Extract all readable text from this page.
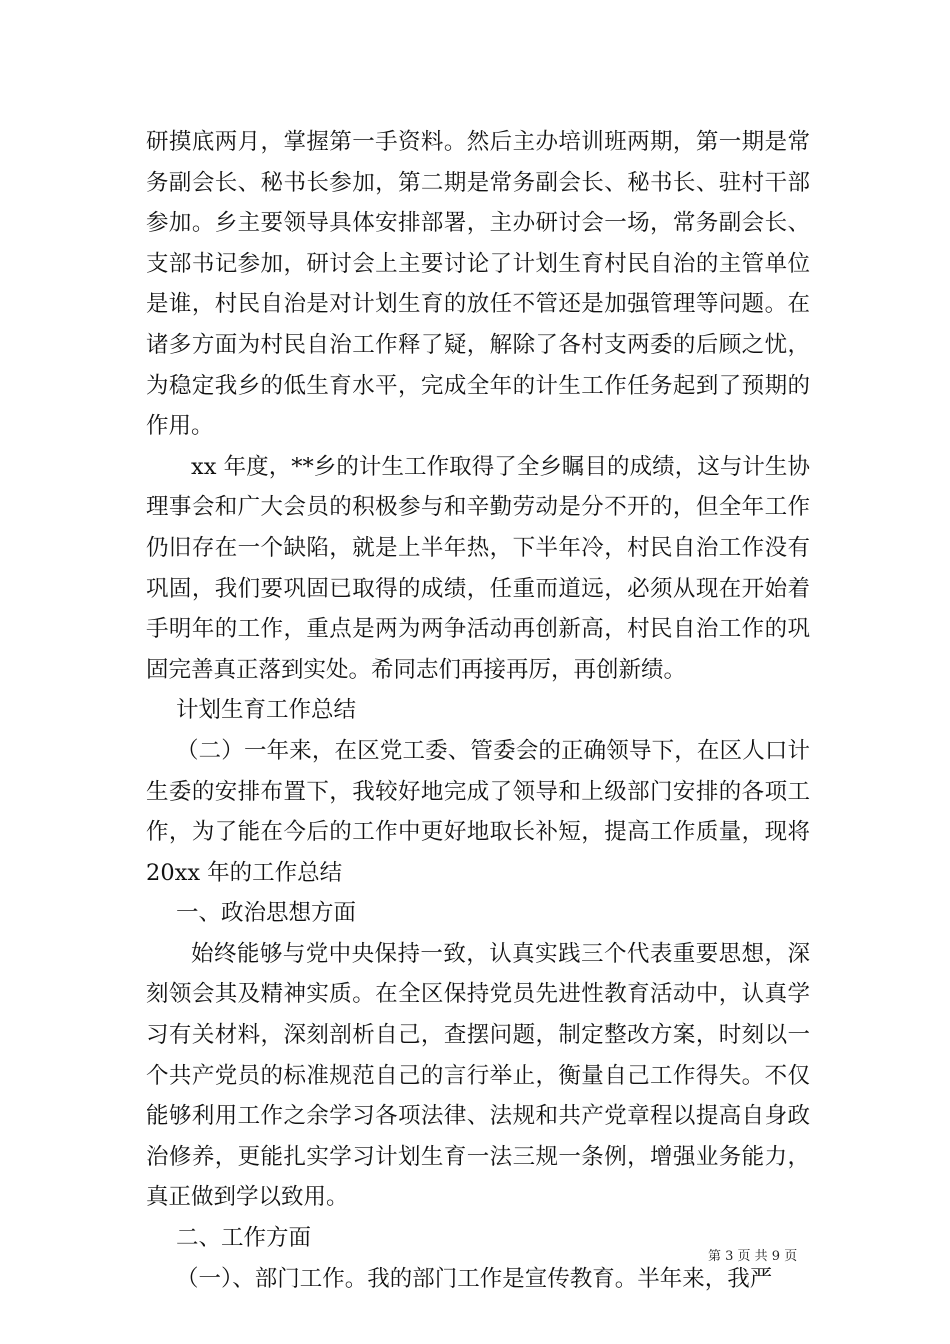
研摸底两月，掌握第一手资料。然后主办培训班两期，第一期是常务副会长、秘书长参加，第二期是常务副会长、秘书长、驻村干部参加。乡主要领导具体安排部署，主办研讨会一场，常务副会长、支部书记参加，研讨会上主要讨论了计划生育村民自治的主管单位是谁，村民自治是对计划生育的放任不管还是加强管理等问题。在诸多方面为村民自治工作释了疑，解除了各村支两委的后顾之忧，为稳定我乡的低生育水平，完成全年的计生工作任务起到了预期的作用。

xx 年度，**乡的计生工作取得了全乡瞩目的成绩，这与计生协理事会和广大会员的积极参与和辛勤劳动是分不开的，但全年工作仍旧存在一个缺陷，就是上半年热，下半年冷，村民自治工作没有巩固，我们要巩固已取得的成绩，任重而道远，必须从现在开始着手明年的工作，重点是两为两争活动再创新高，村民自治工作的巩固完善真正落到实处。希同志们再接再厉，再创新绩。

计划生育工作总结

（二）一年来，在区党工委、管委会的正确领导下，在区人口计生委的安排布置下，我较好地完成了领导和上级部门安排的各项工作，为了能在今后的工作中更好地取长补短，提高工作质量，现将 20xx 年的工作总结

一、政治思想方面

始终能够与党中央保持一致，认真实践三个代表重要思想，深刻领会其及精神实质。在全区保持党员先进性教育活动中，认真学习有关材料，深刻剖析自己，查摆问题，制定整改方案，时刻以一个共产党员的标准规范自己的言行举止，衡量自己工作得失。不仅能够利用工作之余学习各项法律、法规和共产党章程以提高自身政治修养，更能扎实学习计划生育一法三规一条例，增强业务能力，真正做到学以致用。

二、工作方面

（一）、部门工作。我的部门工作是宣传教育。半年来，我严

第 3 页 共 9 页
